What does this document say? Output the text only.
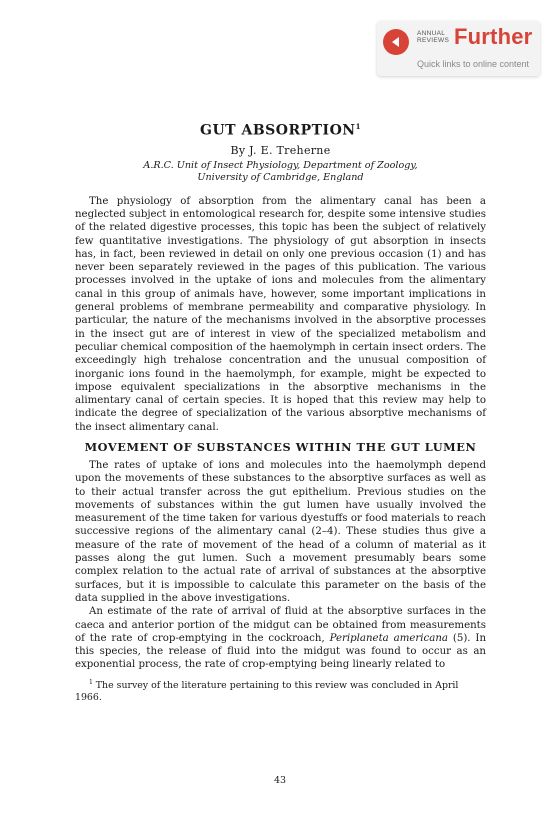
ANNUAL
REVIEWS Further
Quick links to online content
GUT ABSORPTION$^1$

By J. E. Treherne

A.R.C. Unit of Insect Physiology, Department of Zoology,

University of Cambridge, England

The physiology of absorption from the alimentary canal has been a neglected subject in entomological research for, despite some intensive studies of the related digestive processes, this topic has been the subject of relatively few quantitative investigations. The physiology of gut absorption in insects has, in fact, been reviewed in detail on only one previous occasion (1) and has never been separately reviewed in the pages of this publication. The various processes involved in the uptake of ions and molecules from the alimentary canal in this group of animals have, however, some important implications in general problems of membrane permeability and comparative physiology. In particular, the nature of the mechanisms involved in the absorptive processes in the insect gut are of interest in view of the specialized metabolism and peculiar chemical composition of the haemolymph in certain insect orders. The exceedingly high trehalose concentration and the unusual composition of inorganic ions found in the haemolymph, for example, might be expected to impose equivalent specializations in the absorptive mechanisms in the alimentary canal of certain species. It is hoped that this review may help to indicate the degree of specialization of the various absorptive mechanisms of the insect alimentary canal.

MOVEMENT OF SUBSTANCES WITHIN THE GUT LUMEN

The rates of uptake of ions and molecules into the haemolymph depend upon the movements of these substances to the absorptive surfaces as well as to their actual transfer across the gut epithelium. Previous studies on the movements of substances within the gut lumen have usually involved the measurement of the time taken for various dyestuffs or food materials to reach successive regions of the alimentary canal (2–4). These studies thus give a measure of the rate of movement of the head of a column of material as it passes along the gut lumen. Such a movement presumably bears some complex relation to the actual rate of arrival of substances at the absorptive surfaces, but it is impossible to calculate this parameter on the basis of the data supplied in the above investigations.

An estimate of the rate of arrival of fluid at the absorptive surfaces in the caeca and anterior portion of the midgut can be obtained from measurements of the rate of crop-emptying in the cockroach, Periplaneta americana (5). In this species, the release of fluid into the midgut was found to occur as an exponential process, the rate of crop-emptying being linearly related to

$^1$ The survey of the literature pertaining to this review was concluded in April 1966.

43
